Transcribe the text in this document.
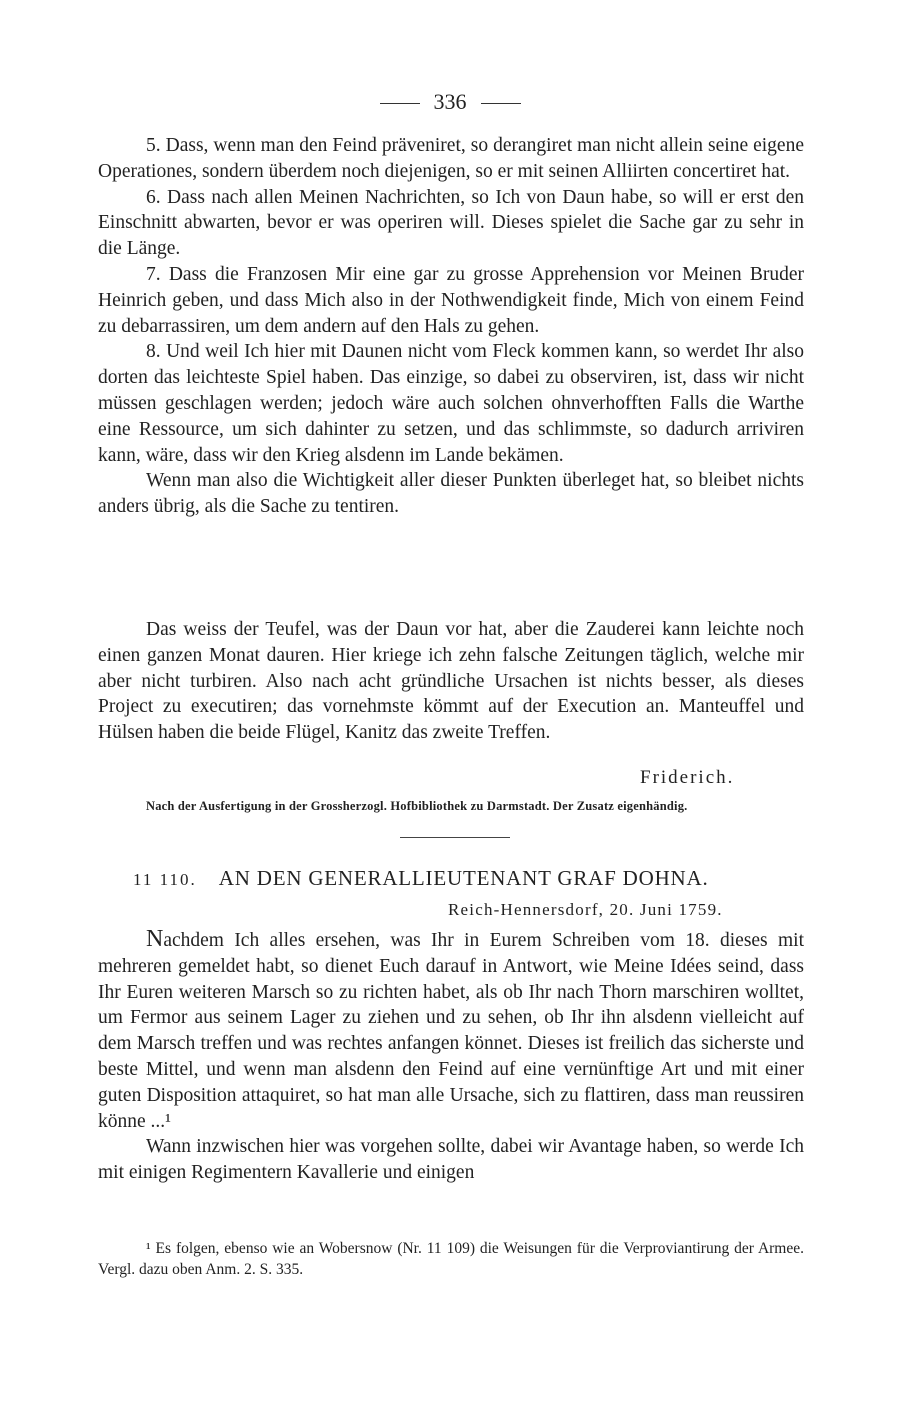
336

5. Dass, wenn man den Feind präveniret, so derangiret man nicht allein seine eigene Operationes, sondern überdem noch diejenigen, so er mit seinen Alliirten concertiret hat.

6. Dass nach allen Meinen Nachrichten, so Ich von Daun habe, so will er erst den Einschnitt abwarten, bevor er was operiren will. Dieses spielet die Sache gar zu sehr in die Länge.

7. Dass die Franzosen Mir eine gar zu grosse Apprehension vor Meinen Bruder Heinrich geben, und dass Mich also in der Nothwendigkeit finde, Mich von einem Feind zu debarrassiren, um dem andern auf den Hals zu gehen.

8. Und weil Ich hier mit Daunen nicht vom Fleck kommen kann, so werdet Ihr also dorten das leichteste Spiel haben. Das einzige, so dabei zu observiren, ist, dass wir nicht müssen geschlagen werden; jedoch wäre auch solchen ohnverhofften Falls die Warthe eine Ressource, um sich dahinter zu setzen, und das schlimmste, so dadurch arriviren kann, wäre, dass wir den Krieg alsdenn im Lande bekämen.

Wenn man also die Wichtigkeit aller dieser Punkten überleget hat, so bleibet nichts anders übrig, als die Sache zu tentiren.

Das weiss der Teufel, was der Daun vor hat, aber die Zauderei kann leichte noch einen ganzen Monat dauren. Hier kriege ich zehn falsche Zeitungen täglich, welche mir aber nicht turbiren. Also nach acht gründliche Ursachen ist nichts besser, als dieses Project zu executiren; das vornehmste kömmt auf der Execution an. Manteuffel und Hülsen haben die beide Flügel, Kanitz das zweite Treffen.

Friderich.

Nach der Ausfertigung in der Grossherzogl. Hofbibliothek zu Darmstadt. Der Zusatz eigenhändig.

11 110. AN DEN GENERALLIEUTENANT GRAF DOHNA.
Reich-Hennersdorf, 20. Juni 1759.

Nachdem Ich alles ersehen, was Ihr in Eurem Schreiben vom 18. dieses mit mehreren gemeldet habt, so dienet Euch darauf in Antwort, wie Meine Idées seind, dass Ihr Euren weiteren Marsch so zu richten habet, als ob Ihr nach Thorn marschiren wolltet, um Fermor aus seinem Lager zu ziehen und zu sehen, ob Ihr ihn alsdenn vielleicht auf dem Marsch treffen und was rechtes anfangen könnet. Dieses ist freilich das sicherste und beste Mittel, und wenn man alsdenn den Feind auf eine vernünftige Art und mit einer guten Disposition attaquiret, so hat man alle Ursache, sich zu flattiren, dass man reussiren könne ...¹

Wann inzwischen hier was vorgehen sollte, dabei wir Avantage haben, so werde Ich mit einigen Regimentern Kavallerie und einigen

¹ Es folgen, ebenso wie an Wobersnow (Nr. 11 109) die Weisungen für die Verproviantirung der Armee. Vergl. dazu oben Anm. 2. S. 335.
